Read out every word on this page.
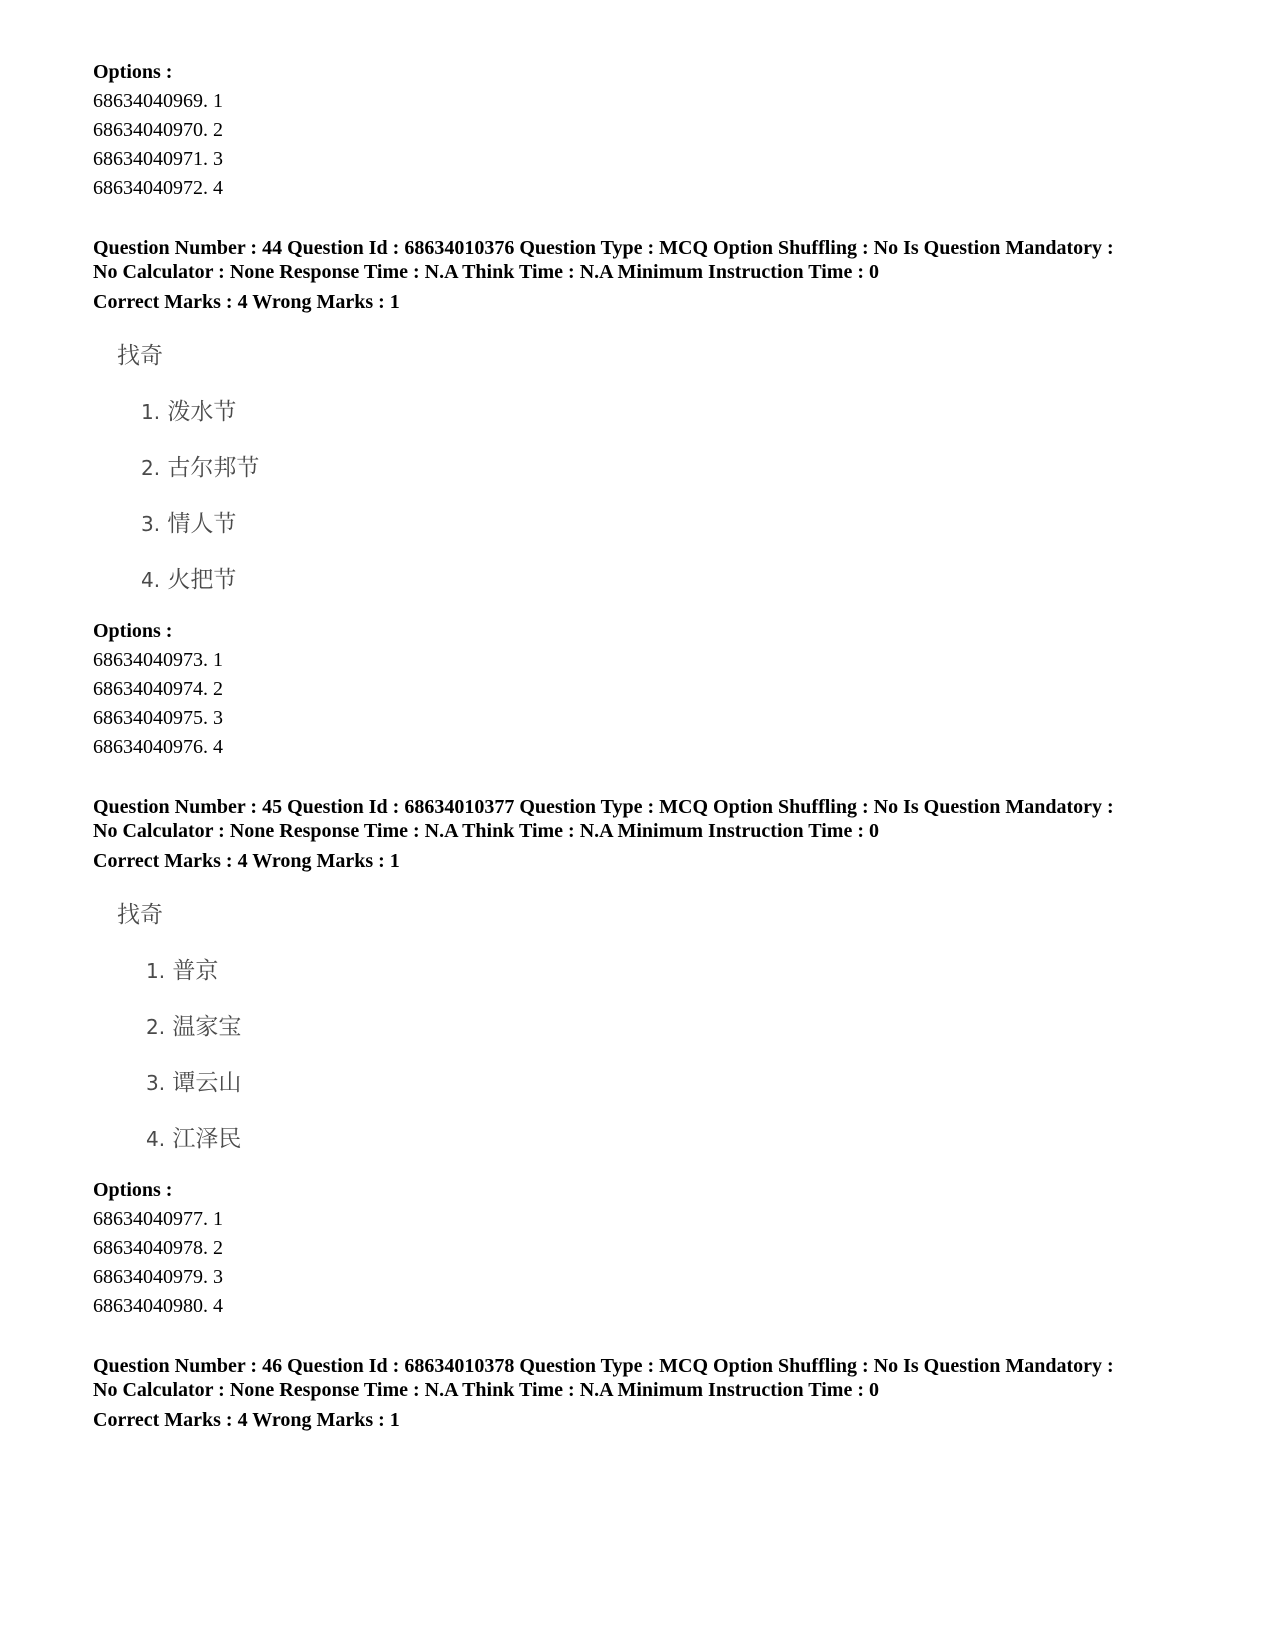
Options :

68634040969. 1

68634040970. 2

68634040971. 3

68634040972. 4

Question Number : 44 Question Id : 68634010376 Question Type : MCQ Option Shuffling : No Is Question Mandatory :

No Calculator : None Response Time : N.A Think Time : N.A Minimum Instruction Time : 0

Correct Marks : 4 Wrong Marks : 1

找奇

1. 泼水节

2. 古尔邦节

3. 情人节

4. 火把节

Options :

68634040973. 1

68634040974. 2

68634040975. 3

68634040976. 4

Question Number : 45 Question Id : 68634010377 Question Type : MCQ Option Shuffling : No Is Question Mandatory :

No Calculator : None Response Time : N.A Think Time : N.A Minimum Instruction Time : 0

Correct Marks : 4 Wrong Marks : 1

找奇

1. 普京

2. 温家宝

3. 谭云山

4. 江泽民

Options :

68634040977. 1

68634040978. 2

68634040979. 3

68634040980. 4

Question Number : 46 Question Id : 68634010378 Question Type : MCQ Option Shuffling : No Is Question Mandatory :

No Calculator : None Response Time : N.A Think Time : N.A Minimum Instruction Time : 0

Correct Marks : 4 Wrong Marks : 1
